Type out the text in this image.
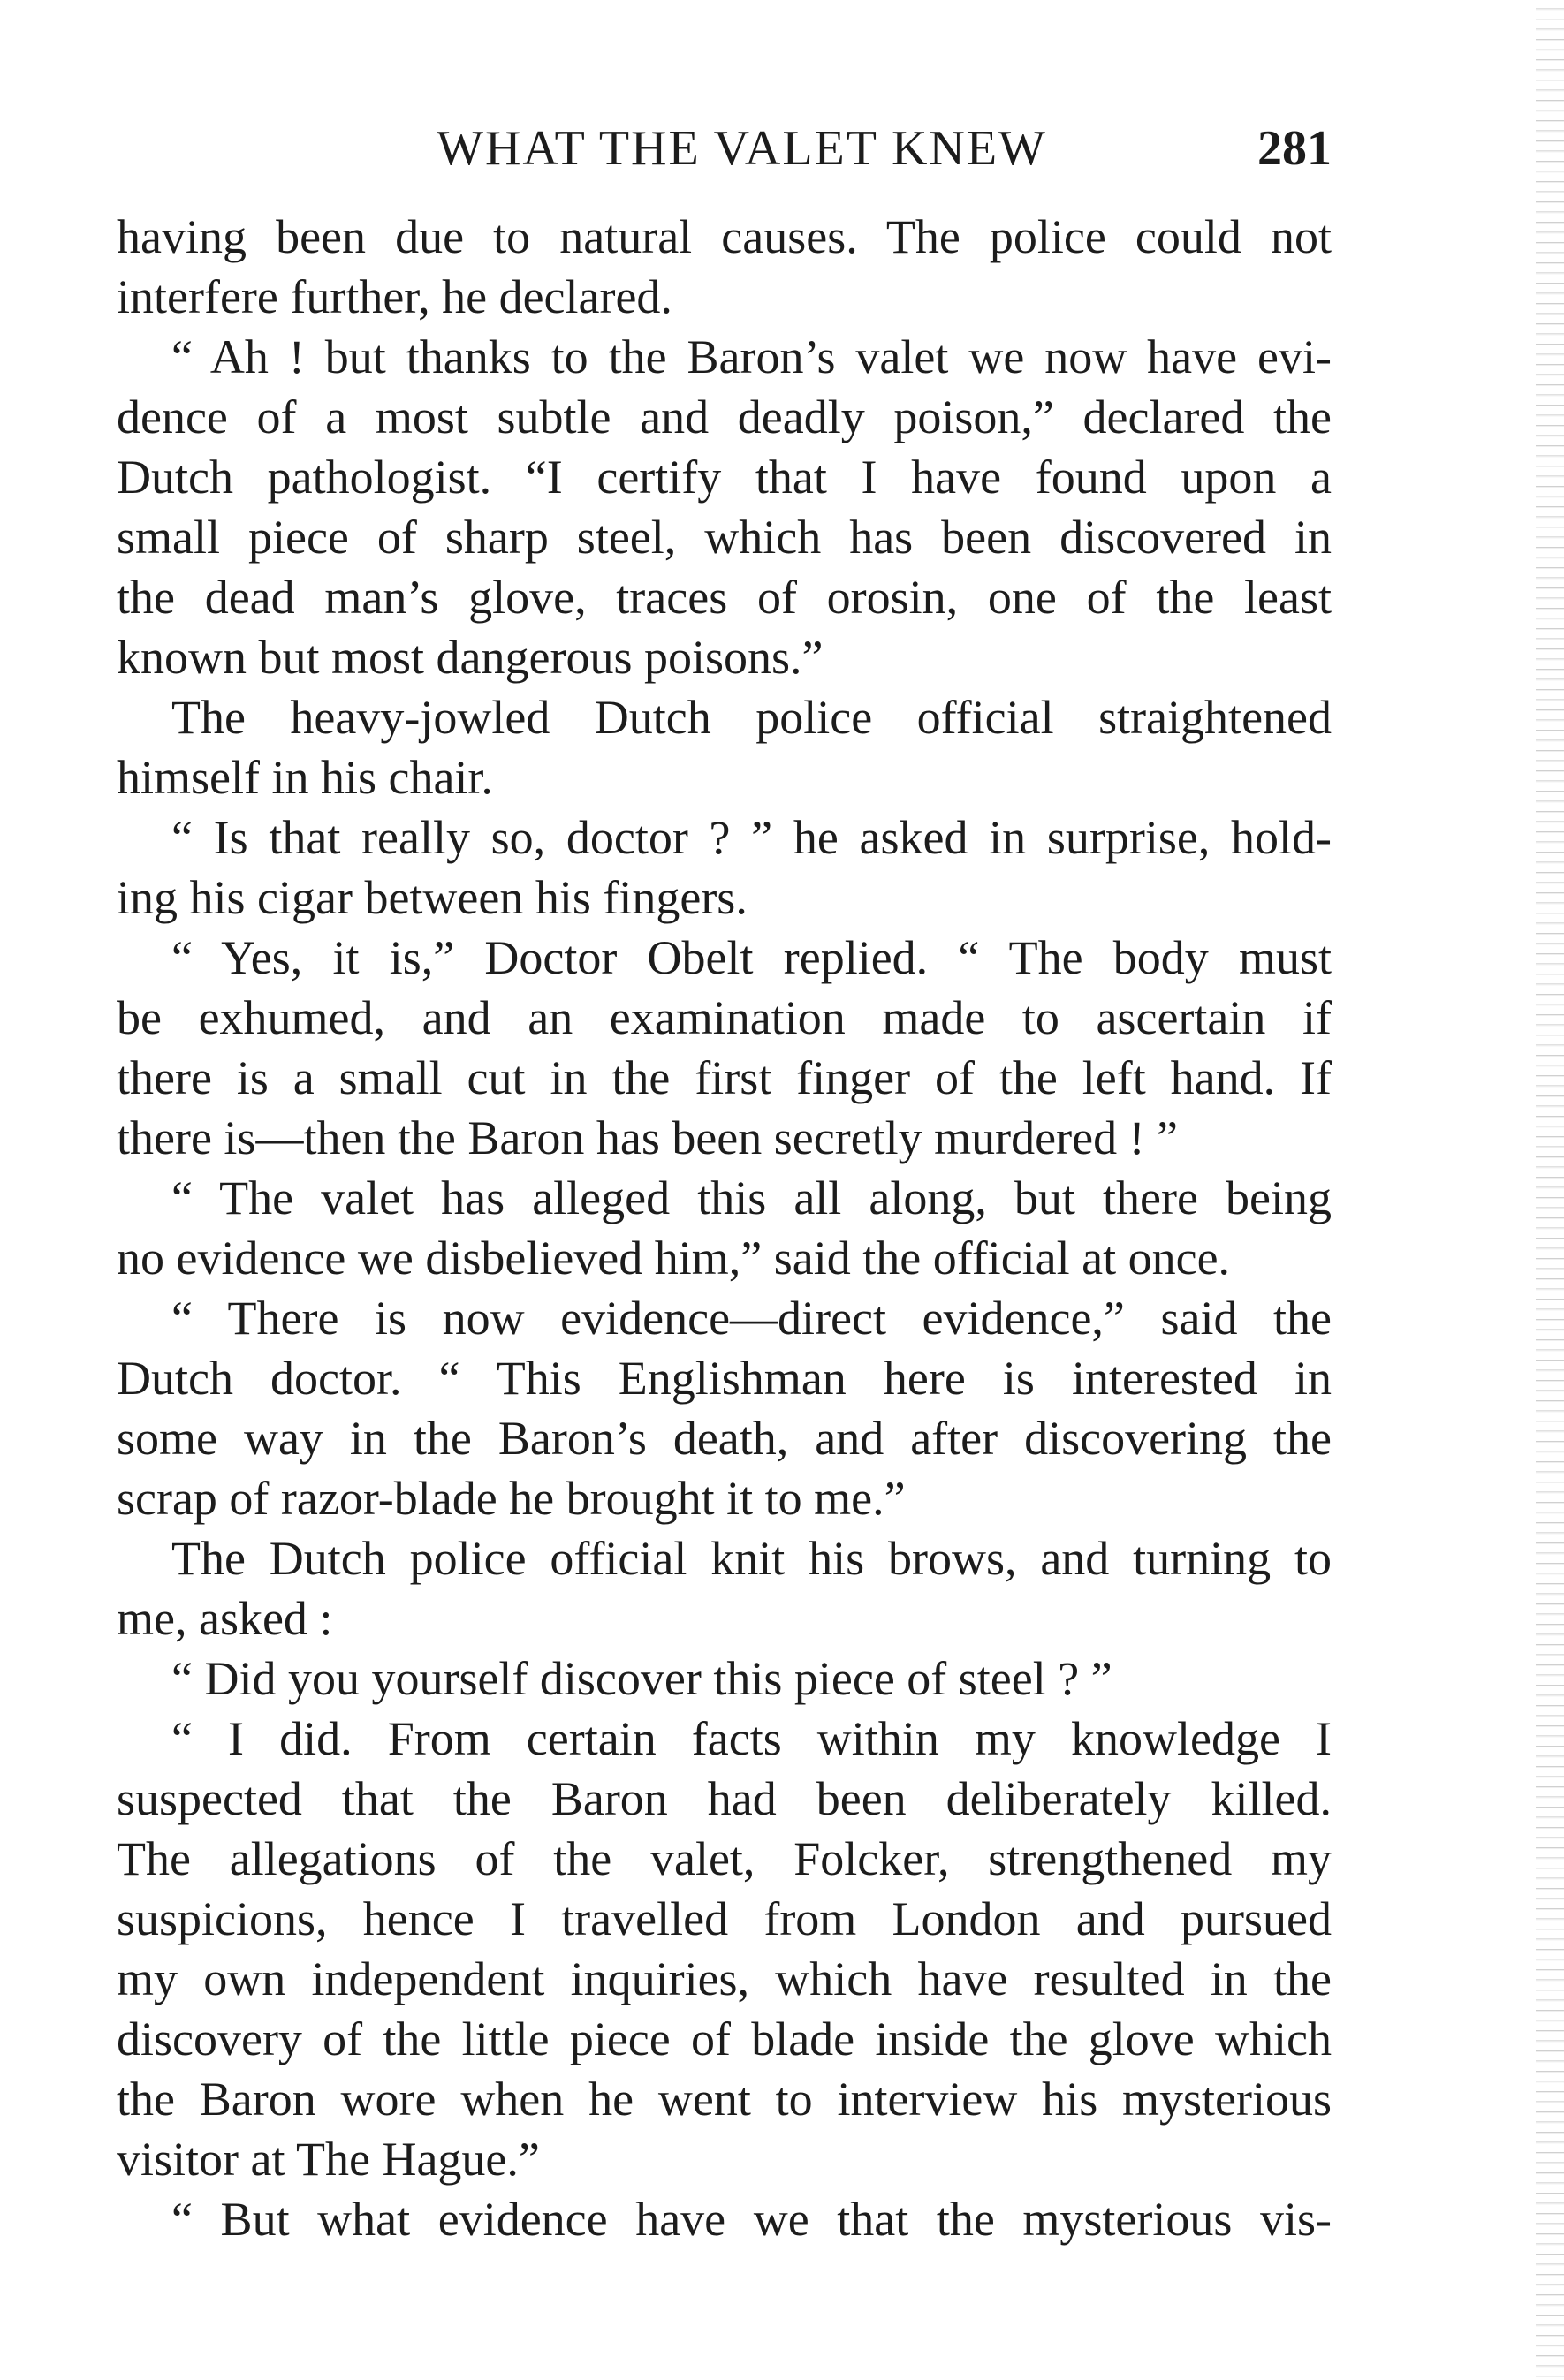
WHAT THE VALET KNEW	281
having been due to natural causes. The police could not
interfere further, he declared.
“ Ah ! but thanks to the Baron’s valet we now have evi-
dence of a most subtle and deadly poison,” declared the
Dutch pathologist. “I certify that I have found upon a
small piece of sharp steel, which has been discovered in
the dead man’s glove, traces of orosin, one of the least
known but most dangerous poisons.”
The heavy-jowled Dutch police official straightened
himself in his chair.
“ Is that really so, doctor ? ” he asked in surprise, hold-
ing his cigar between his fingers.
“ Yes, it is,” Doctor Obelt replied. “ The body must
be exhumed, and an examination made to ascertain if
there is a small cut in the first finger of the left hand. If
there is—then the Baron has been secretly murdered ! ”
“ The valet has alleged this all along, but there being
no evidence we disbelieved him,” said the official at once.
“ There is now evidence—direct evidence,” said the
Dutch doctor. “ This Englishman here is interested in
some way in the Baron’s death, and after discovering the
scrap of razor-blade he brought it to me.”
The Dutch police official knit his brows, and turning to
me, asked :
“ Did you yourself discover this piece of steel ? ”
“ I did. From certain facts within my knowledge I
suspected that the Baron had been deliberately killed.
The allegations of the valet, Folcker, strengthened my
suspicions, hence I travelled from London and pursued
my own independent inquiries, which have resulted in the
discovery of the little piece of blade inside the glove which
the Baron wore when he went to interview his mysterious
visitor at The Hague.”
“ But what evidence have we that the mysterious vis-
